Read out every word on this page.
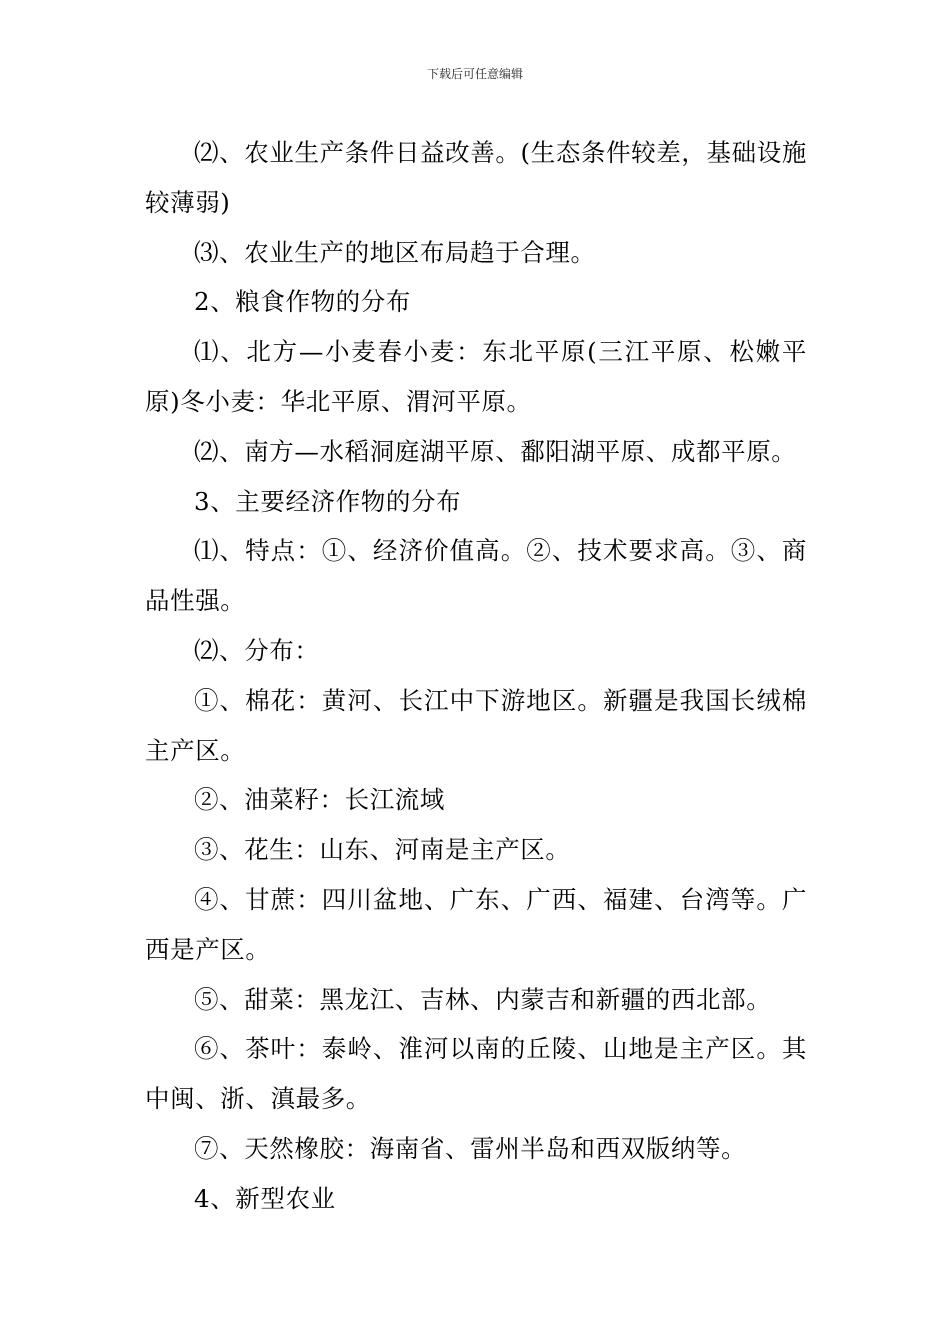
下载后可任意编辑

⑵、农业生产条件日益改善。(生态条件较差，基础设施较薄弱)

⑶、农业生产的地区布局趋于合理。

2、粮食作物的分布

⑴、北方—小麦春小麦：东北平原(三江平原、松嫩平原)冬小麦：华北平原、渭河平原。

⑵、南方—水稻洞庭湖平原、鄱阳湖平原、成都平原。

3、主要经济作物的分布

⑴、特点：①、经济价值高。②、技术要求高。③、商品性强。

⑵、分布：

①、棉花：黄河、长江中下游地区。新疆是我国长绒棉主产区。

②、油菜籽：长江流域

③、花生：山东、河南是主产区。

④、甘蔗：四川盆地、广东、广西、福建、台湾等。广西是产区。

⑤、甜菜：黑龙江、吉林、内蒙吉和新疆的西北部。

⑥、茶叶：泰岭、淮河以南的丘陵、山地是主产区。其中闽、浙、滇最多。

⑦、天然橡胶：海南省、雷州半岛和西双版纳等。

4、新型农业
